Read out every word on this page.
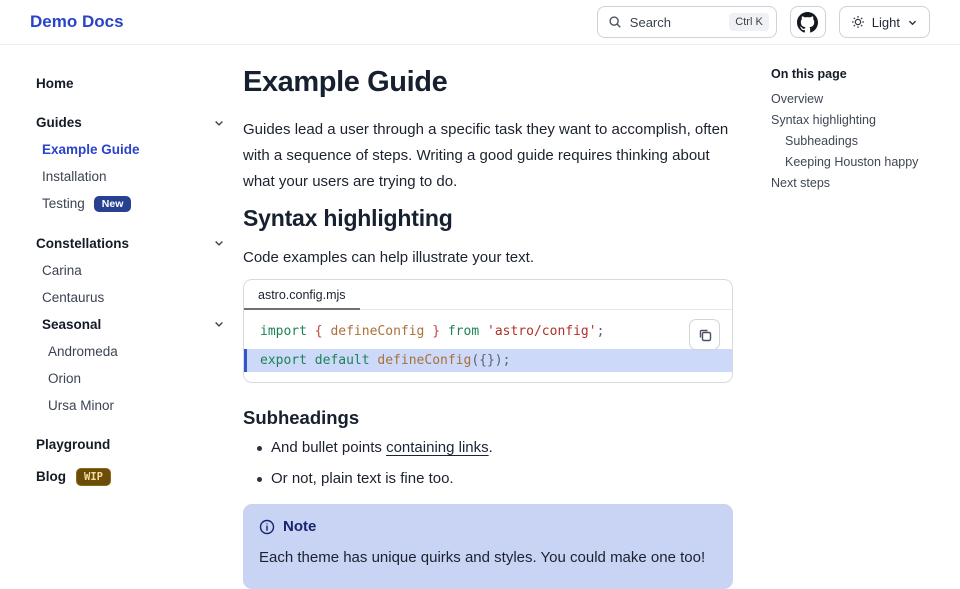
Demo Docs	Search	Ctrl K	Light
Home
Guides
Example Guide
Installation
Testing	New
Constellations
Carina
Centaurus
Seasonal
Andromeda
Orion
Ursa Minor
Playground
Blog	WIP
Example Guide

Guides lead a user through a specific task they want to accomplish, often with a sequence of steps. Writing a good guide requires thinking about what your users are trying to do.

Syntax highlighting

Code examples can help illustrate your text.

astro.config.mjs
import { defineConfig } from 'astro/config';
export default defineConfig({});
Subheadings
And bullet points containing links.
Or not, plain text is fine too.
Note

Each theme has unique quirks and styles. You could make one too!

On this page
Overview
Syntax highlighting
Subheadings
Keeping Houston happy
Next steps
